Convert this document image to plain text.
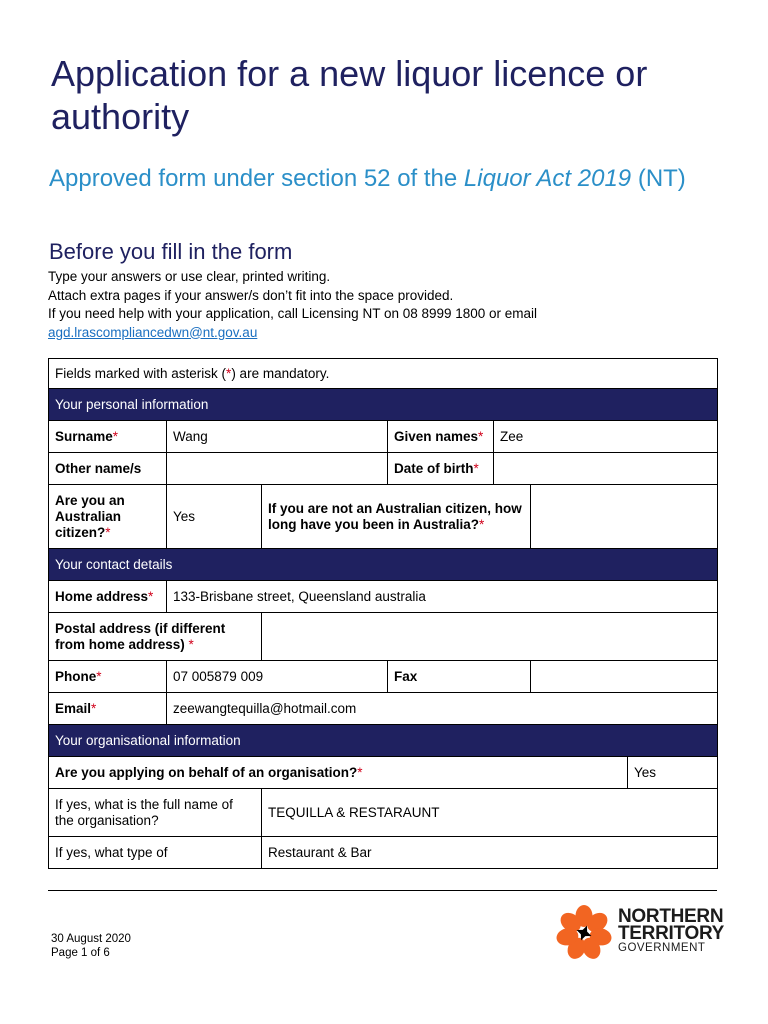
Application for a new liquor licence or authority
Approved form under section 52 of the Liquor Act 2019 (NT)
Before you fill in the form
Type your answers or use clear, printed writing.
Attach extra pages if your answer/s don’t fit into the space provided.
If you need help with your application, call Licensing NT on 08 8999 1800 or email
agd.lrascompliancedwn@nt.gov.au
Fields marked with asterisk (*) are mandatory.						
Your personal information						
Surname*	Wang		Given names*	Zee		
Other name/s			Date of birth*			
Are you an Australian citizen?*	Yes	If you are not an Australian citizen, how long have you been in Australia?*				
Your contact details						
Home address*	133-Brisbane street, Queensland australia					
Postal address (if different from home address) *						
Phone*	07 005879 009		Fax			
Email*	zeewangtequilla@hotmail.com					
Your organisational information						
Are you applying on behalf of an organisation?*						Yes
If yes, what is the full name of the organisation?		TEQUILLA & RESTARAUNT				
If yes, what type of		Restaurant & Bar				
30 August 2020
Page 1 of 6
NORTHERN
TERRITORY
GOVERNMENT
